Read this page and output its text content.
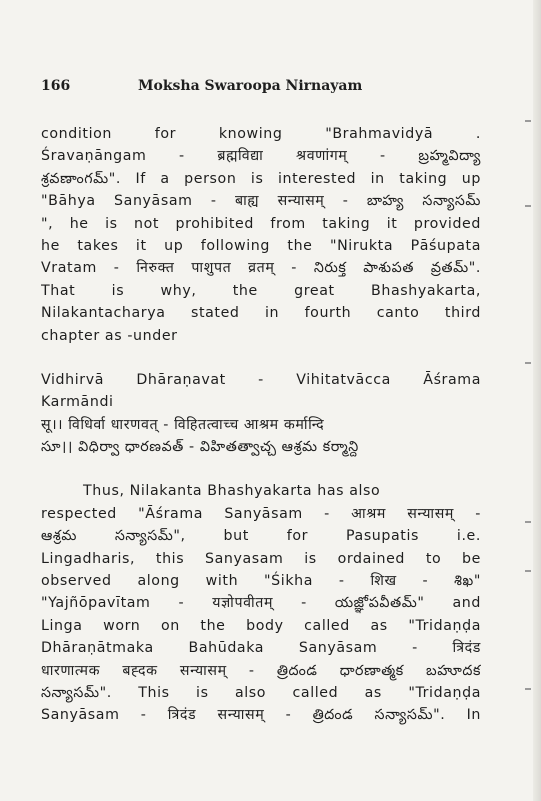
166	Moksha Swaroopa Nirnayam
condition for knowing "Brahmavidyā .
Śravaṇāngam - ब्रह्मविद्या श्रवणांगम् - బ్రహ్మవిద్యా
శ్రవణాంగమ్". If a person is interested in taking up
"Bāhya Sanyāsam - बाह्य सन्यासम् - బాహ్య సన్యాసమ్
", he is not prohibited from taking it provided
he takes it up following the "Nirukta Pāśupata
Vratam - निरुक्त पाशुपत व्रतम् - నిరుక్త పాశుపత వ్రతమ్".
That is why, the great Bhashyakarta,
Nilakantacharya stated in fourth canto third
chapter as -under
Vidhirvā Dhāraṇavat - Vihitatvācca Āśrama
Karmāndi
सू।। विधिर्वा धारणवत् - विहितत्वाच्च आश्रम कर्मान्दि
సూ।। విధిర్వా ధారణవత్ - విహితత్వాచ్చ ఆశ్రమ కర్మాన్ది
Thus, Nilakanta Bhashyakarta has also
respected "Āśrama Sanyāsam - आश्रम सन्यासम् -
ఆశ్రమ సన్యాసమ్", but for Pasupatis i.e.
Lingadharis, this Sanyasam is ordained to be
observed along with "Śikha - शिख - శిఖ"
"Yajñōpavītam - यज्ञोपवीतम् - యజ్ఞోపవీతమ్" and
Linga worn on the body called as "Tridaṇḍa
Dhāraṇātmaka Bahūdaka Sanyāsam - त्रिदंड
धारणात्मक बह्दक सन्यासम् - త్రిదండ ధారణాత్మక బహూదక
సన్యాసమ్". This is also called as "Tridaṇḍa
Sanyāsam - त्रिदंड सन्यासम् - త్రిదండ సన్యాసమ్". In
